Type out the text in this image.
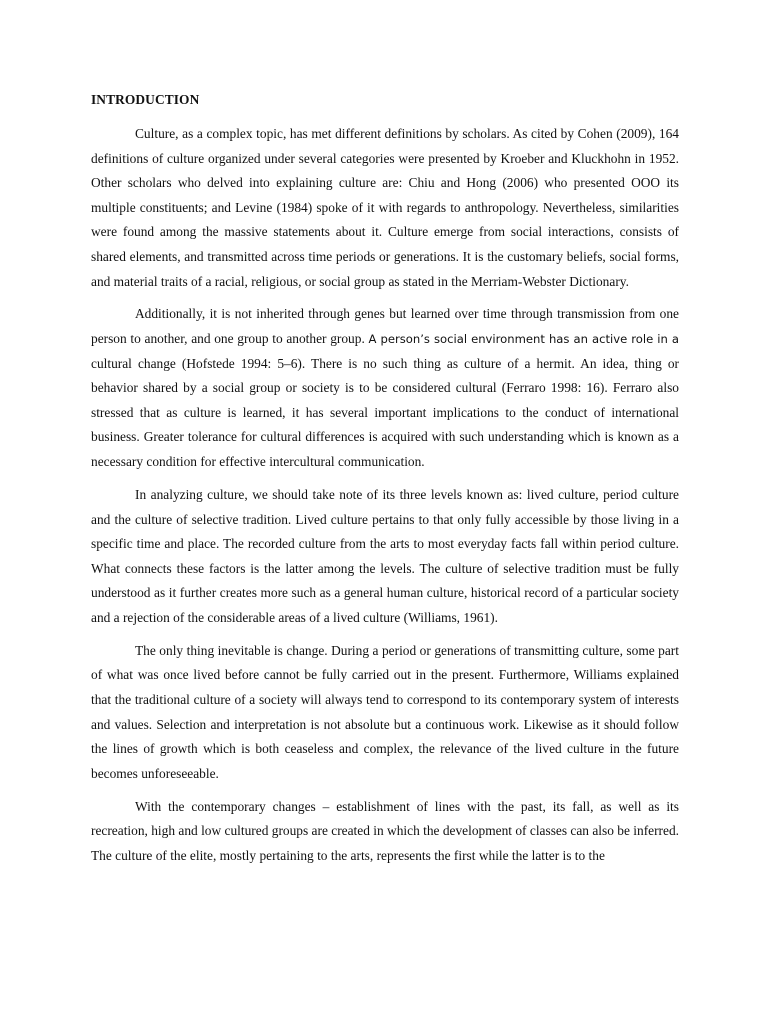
INTRODUCTION

Culture, as a complex topic, has met different definitions by scholars. As cited by Cohen (2009), 164 definitions of culture organized under several categories were presented by Kroeber and Kluckhohn in 1952. Other scholars who delved into explaining culture are: Chiu and Hong (2006) who presented OOO its multiple constituents; and Levine (1984) spoke of it with regards to anthropology. Nevertheless, similarities were found among the massive statements about it. Culture emerge from social interactions, consists of shared elements, and transmitted across time periods or generations. It is the customary beliefs, social forms, and material traits of a racial, religious, or social group as stated in the Merriam-Webster Dictionary.

Additionally, it is not inherited through genes but learned over time through transmission from one person to another, and one group to another group. A person’s social environment has an active role in a cultural change (Hofstede 1994: 5–6). There is no such thing as culture of a hermit. An idea, thing or behavior shared by a social group or society is to be considered cultural (Ferraro 1998: 16). Ferraro also stressed that as culture is learned, it has several important implications to the conduct of international business. Greater tolerance for cultural differences is acquired with such understanding which is known as a necessary condition for effective intercultural communication.

In analyzing culture, we should take note of its three levels known as: lived culture, period culture and the culture of selective tradition. Lived culture pertains to that only fully accessible by those living in a specific time and place. The recorded culture from the arts to most everyday facts fall within period culture. What connects these factors is the latter among the levels. The culture of selective tradition must be fully understood as it further creates more such as a general human culture, historical record of a particular society and a rejection of the considerable areas of a lived culture (Williams, 1961).

The only thing inevitable is change. During a period or generations of transmitting culture, some part of what was once lived before cannot be fully carried out in the present. Furthermore, Williams explained that the traditional culture of a society will always tend to correspond to its contemporary system of interests and values. Selection and interpretation is not absolute but a continuous work. Likewise as it should follow the lines of growth which is both ceaseless and complex, the relevance of the lived culture in the future becomes unforeseeable.

With the contemporary changes – establishment of lines with the past, its fall, as well as its recreation, high and low cultured groups are created in which the development of classes can also be inferred. The culture of the elite, mostly pertaining to the arts, represents the first while the latter is to the
